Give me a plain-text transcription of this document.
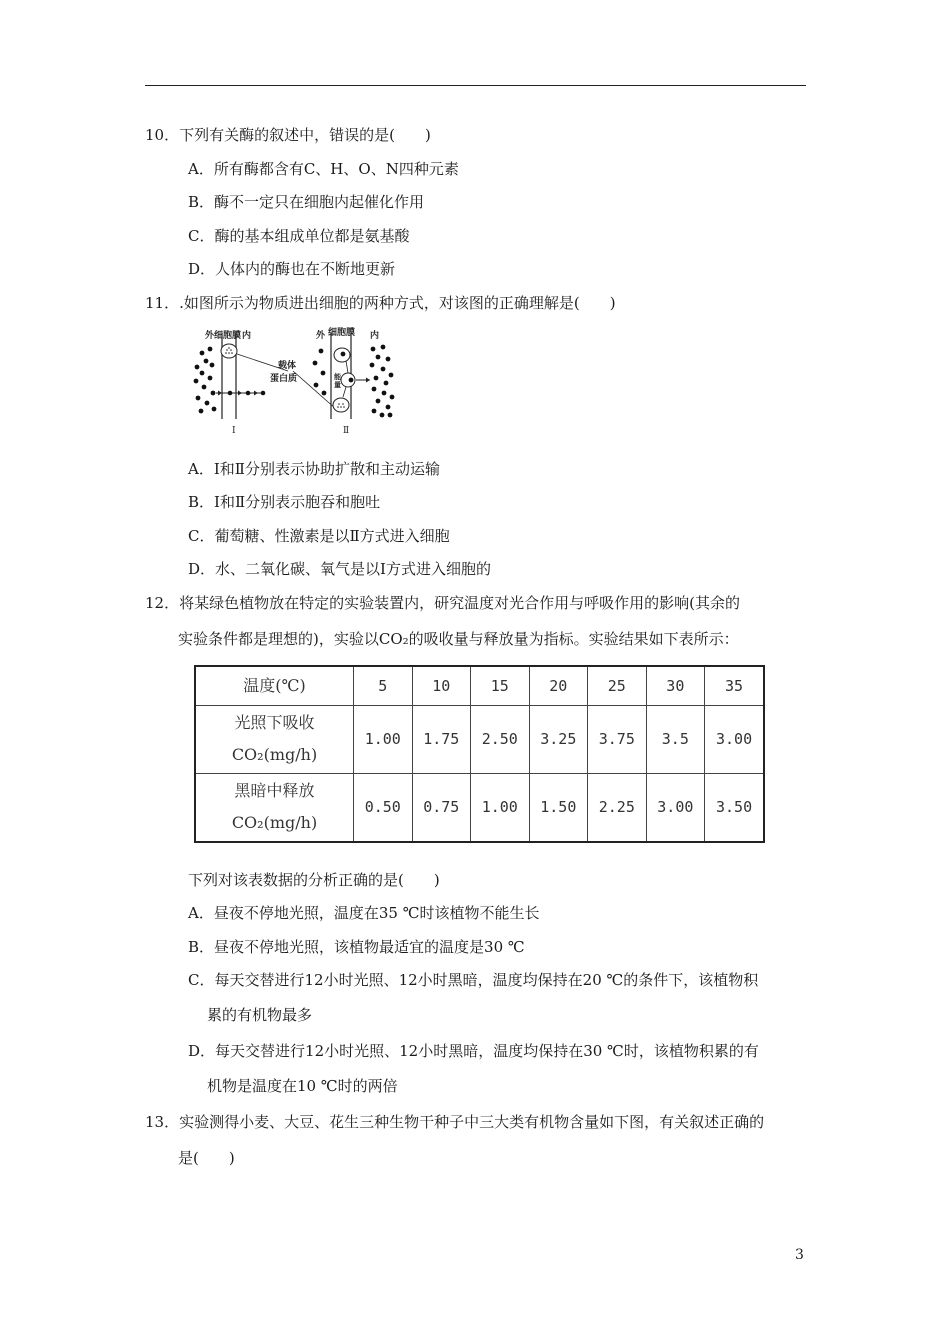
10．下列有关酶的叙述中，错误的是(　　)
A．所有酶都含有C、H、O、N四种元素
B．酶不一定只在细胞内起催化作用
C．酶的基本组成单位都是氨基酸
D．人体内的酶也在不断地更新
11．.如图所示为物质进出细胞的两种方式，对该图的正确理解是(　　)
外 细胞膜 内
Ⅰ
载体
蛋白质
外 细胞膜 内
能
量
Ⅱ
A．Ⅰ和Ⅱ分别表示协助扩散和主动运输
B．Ⅰ和Ⅱ分别表示胞吞和胞吐
C．葡萄糖、性激素是以Ⅱ方式进入细胞
D．水、二氧化碳、氧气是以Ⅰ方式进入细胞的
12．将某绿色植物放在特定的实验装置内，研究温度对光合作用与呼吸作用的影响(其余的
实验条件都是理想的)，实验以CO₂的吸收量与释放量为指标。实验结果如下表所示：
温度(℃)	5	10	15	20	25	30	35

光照下吸收
CO₂(mg/h)	1.00	1.75	2.50	3.25	3.75	3.5	3.00

黑暗中释放
CO₂(mg/h)	0.50	0.75	1.00	1.50	2.25	3.00	3.50
下列对该表数据的分析正确的是(　　)
A．昼夜不停地光照，温度在35 ℃时该植物不能生长
B．昼夜不停地光照，该植物最适宜的温度是30 ℃
C．每天交替进行12小时光照、12小时黑暗，温度均保持在20 ℃的条件下，该植物积
累的有机物最多
D．每天交替进行12小时光照、12小时黑暗，温度均保持在30 ℃时，该植物积累的有
机物是温度在10 ℃时的两倍
13．实验测得小麦、大豆、花生三种生物干种子中三大类有机物含量如下图，有关叙述正确的
是(　　)
3
